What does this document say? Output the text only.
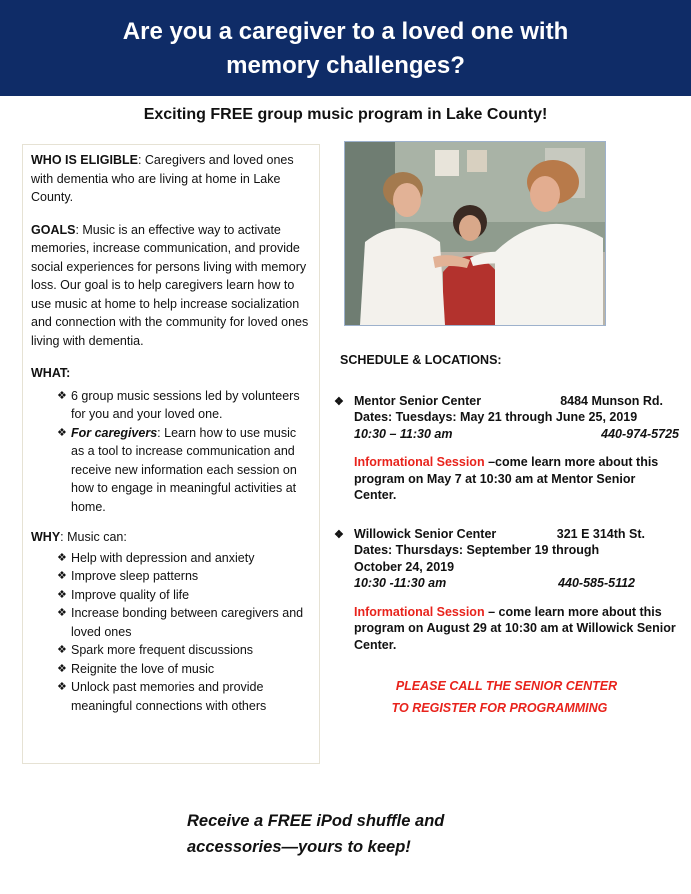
Are you a caregiver to a loved one with
memory challenges?
Exciting FREE group music program in Lake County!

WHO IS ELIGIBLE: Caregivers and loved ones with dementia who are living at home in Lake County.

GOALS: Music is an effective way to activate memories, increase communication, and provide social experiences for persons living with memory loss. Our goal is to help caregivers learn how to use music at home to help increase socialization and connection with the community for loved ones living with dementia.

WHAT:
❖ 6 group music sessions led by volunteers for you and your loved one.
❖ For caregivers: Learn how to use music as a tool to increase communication and receive new information each session on how to engage in meaningful activities at home.
WHY: Music can:
❖ Help with depression and anxiety
❖ Improve sleep patterns
❖ Improve quality of life
❖ Increase bonding between caregivers and loved ones
❖ Spark more frequent discussions
❖ Reignite the love of music
❖ Unlock past memories and provide meaningful connections with others
SCHEDULE & LOCATIONS:
❖ Mentor Senior Center	8484 Munson Rd.
Dates: Tuesdays: May 21 through June 25, 2019
10:30 – 11:30 am	440-974-5725
Informational Session –come learn more about this program on May 7 at 10:30 am at Mentor Senior Center.
❖ Willowick Senior Center	321 E 314th St.
Dates: Thursdays: September 19 through October 24, 2019
10:30 -11:30 am	440-585-5112
Informational Session – come learn more about this program on August 29 at 10:30 am at Willowick Senior Center.
PLEASE CALL THE SENIOR CENTER
TO REGISTER FOR PROGRAMMING
Receive a FREE iPod shuffle and
accessories—yours to keep!
